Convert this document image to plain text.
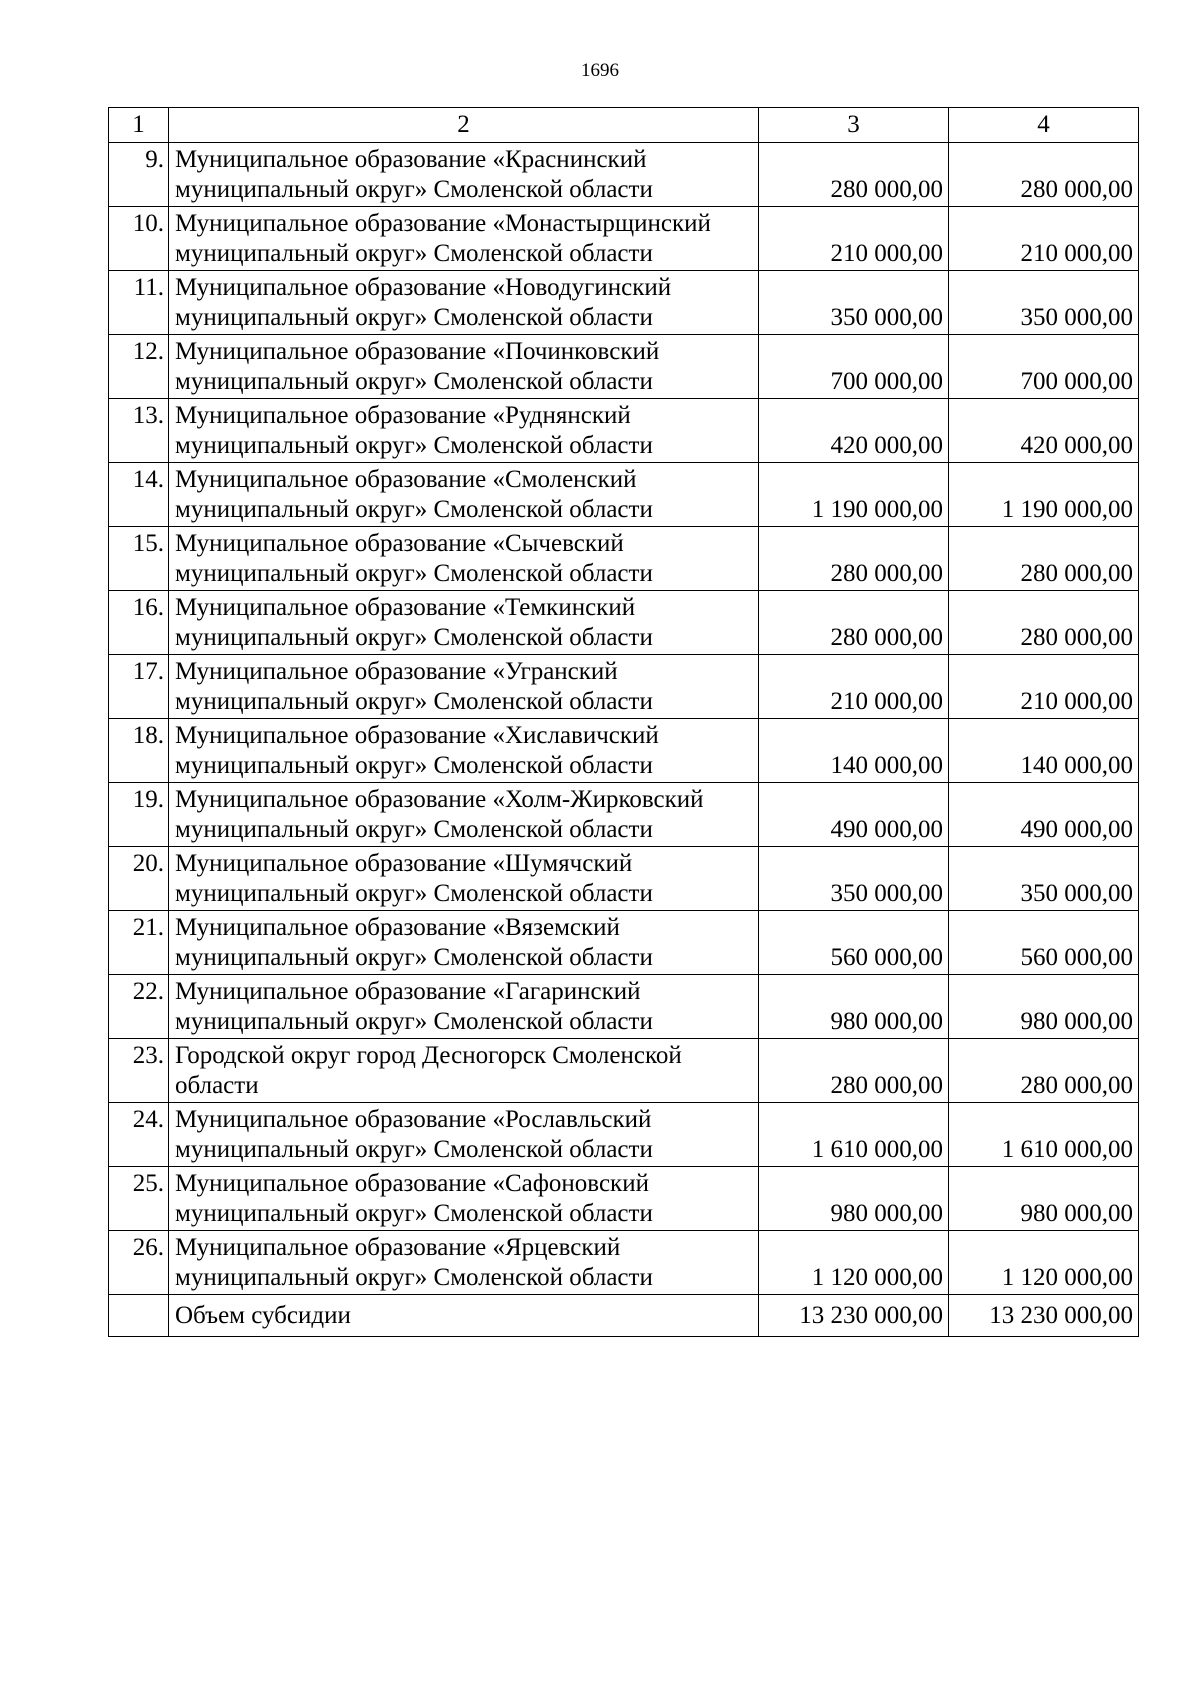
1696
1	2	3	4
9.	Муниципальное образование «Краснинский муниципальный округ» Смоленской области	280 000,00	280 000,00
10.	Муниципальное образование «Монастырщинский муниципальный округ» Смоленской области	210 000,00	210 000,00
11.	Муниципальное образование «Новодугинский муниципальный округ» Смоленской области	350 000,00	350 000,00
12.	Муниципальное образование «Починковский муниципальный округ» Смоленской области	700 000,00	700 000,00
13.	Муниципальное образование «Руднянский муниципальный округ» Смоленской области	420 000,00	420 000,00
14.	Муниципальное образование «Смоленский муниципальный округ» Смоленской области	1 190 000,00	1 190 000,00
15.	Муниципальное образование «Сычевский муниципальный округ» Смоленской области	280 000,00	280 000,00
16.	Муниципальное образование «Темкинский муниципальный округ» Смоленской области	280 000,00	280 000,00
17.	Муниципальное образование «Угранский муниципальный округ» Смоленской области	210 000,00	210 000,00
18.	Муниципальное образование «Хиславичский муниципальный округ» Смоленской области	140 000,00	140 000,00
19.	Муниципальное образование «Холм-Жирковский муниципальный округ» Смоленской области	490 000,00	490 000,00
20.	Муниципальное образование «Шумячский муниципальный округ» Смоленской области	350 000,00	350 000,00
21.	Муниципальное образование «Вяземский муниципальный округ» Смоленской области	560 000,00	560 000,00
22.	Муниципальное образование «Гагаринский муниципальный округ» Смоленской области	980 000,00	980 000,00
23.	Городской округ город Десногорск Смоленской области	280 000,00	280 000,00
24.	Муниципальное образование «Рославльский муниципальный округ» Смоленской области	1 610 000,00	1 610 000,00
25.	Муниципальное образование «Сафоновский муниципальный округ» Смоленской области	980 000,00	980 000,00
26.	Муниципальное образование «Ярцевский муниципальный округ» Смоленской области	1 120 000,00	1 120 000,00
	Объем субсидии	13 230 000,00	13 230 000,00
